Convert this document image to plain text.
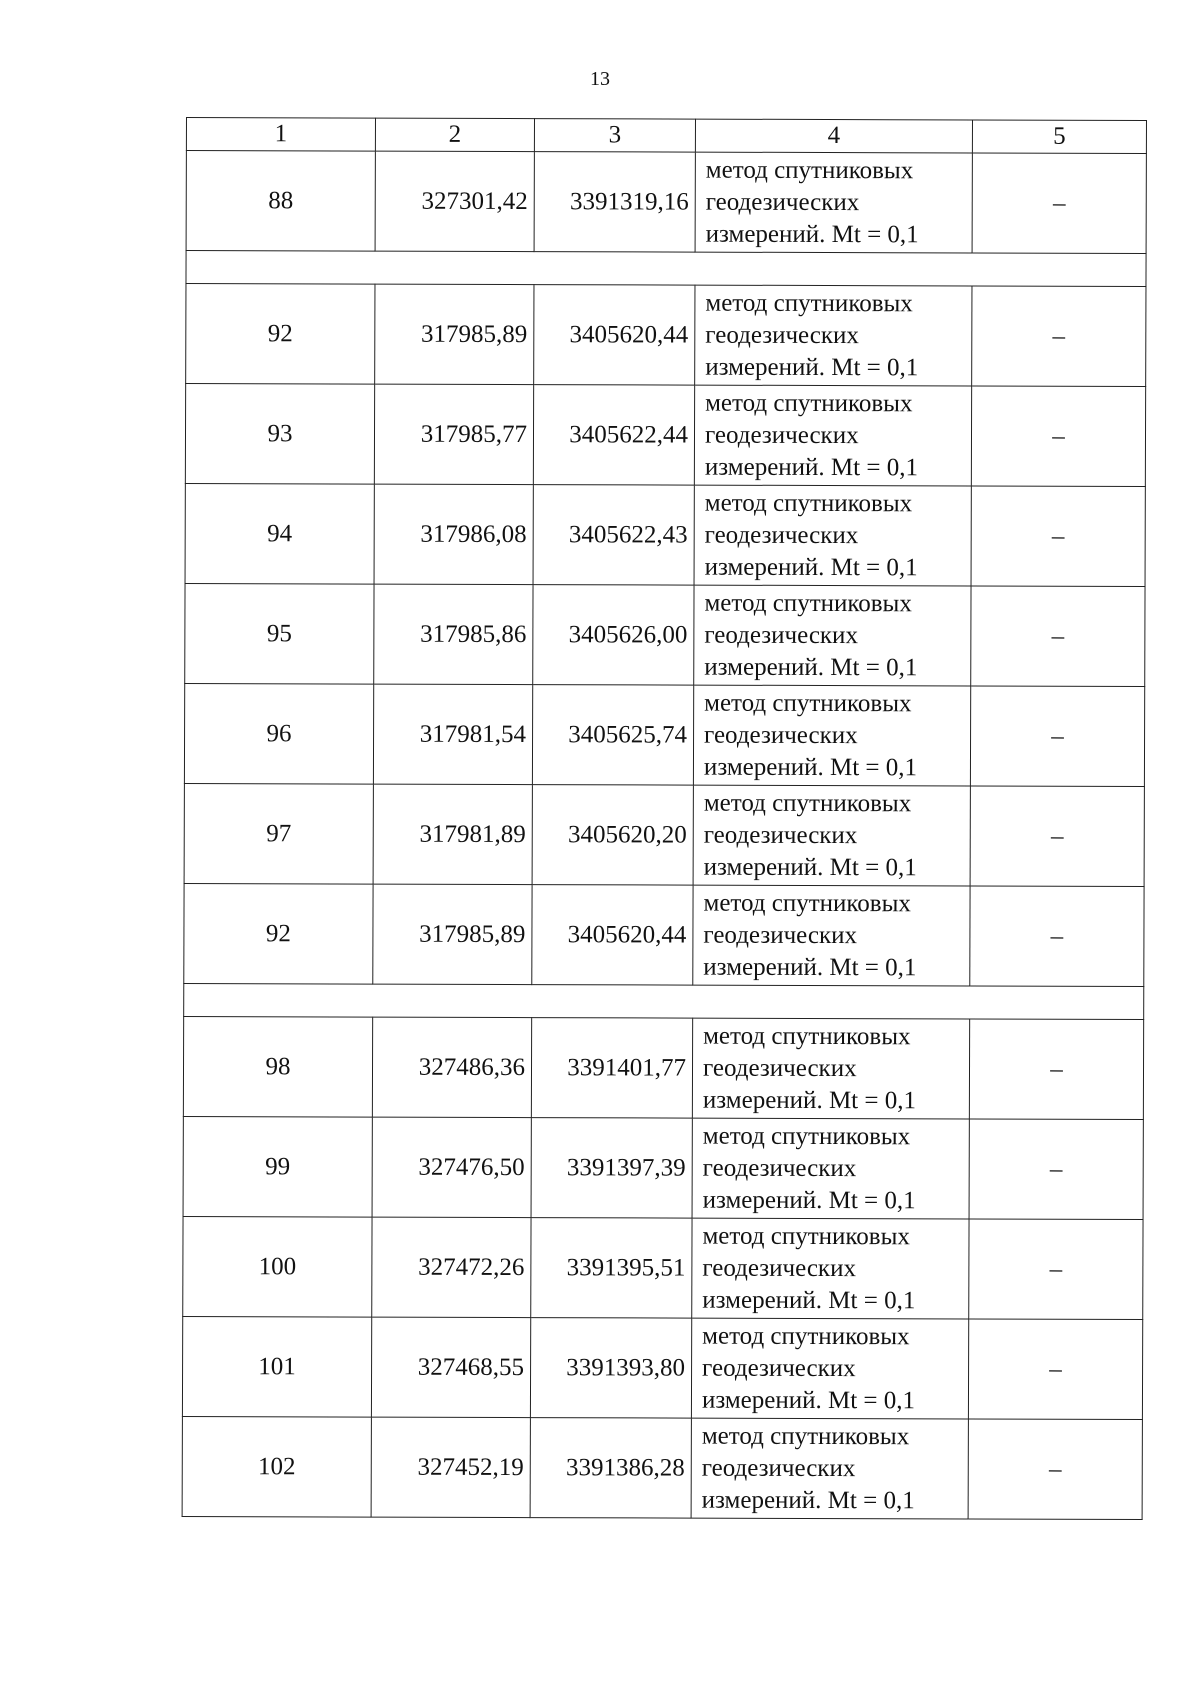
13
1	2	3	4	5
88	327301,42	3391319,16	метод спутниковых
геодезических
измерений. Mt = 0,1	–

92	317985,89	3405620,44	метод спутниковых
геодезических
измерений. Mt = 0,1	–
93	317985,77	3405622,44	метод спутниковых
геодезических
измерений. Mt = 0,1	–
94	317986,08	3405622,43	метод спутниковых
геодезических
измерений. Mt = 0,1	–
95	317985,86	3405626,00	метод спутниковых
геодезических
измерений. Mt = 0,1	–
96	317981,54	3405625,74	метод спутниковых
геодезических
измерений. Mt = 0,1	–
97	317981,89	3405620,20	метод спутниковых
геодезических
измерений. Mt = 0,1	–
92	317985,89	3405620,44	метод спутниковых
геодезических
измерений. Mt = 0,1	–

98	327486,36	3391401,77	метод спутниковых
геодезических
измерений. Mt = 0,1	–
99	327476,50	3391397,39	метод спутниковых
геодезических
измерений. Mt = 0,1	–
100	327472,26	3391395,51	метод спутниковых
геодезических
измерений. Mt = 0,1	–
101	327468,55	3391393,80	метод спутниковых
геодезических
измерений. Mt = 0,1	–
102	327452,19	3391386,28	метод спутниковых
геодезических
измерений. Mt = 0,1	–
